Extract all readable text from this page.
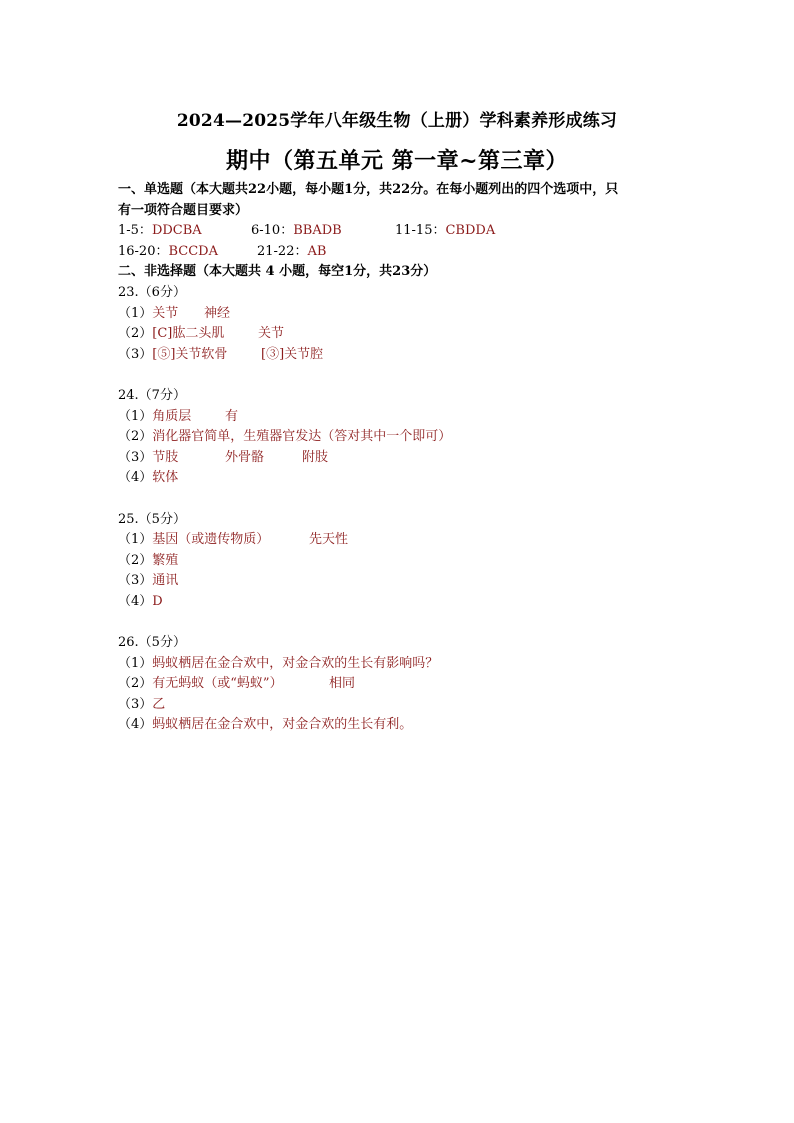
2024—2025学年八年级生物（上册）学科素养形成练习
期中（第五单元 第一章~第三章）
一、单选题（本大题共22小题，每小题1分，共22分。在每小题列出的四个选项中，只
有一项符合题目要求）
1-5：DDCBA	6-10：BBADB	11-15：CBDDA
16-20：BCCDA	21-22：AB
二、非选择题（本大题共 4 小题，每空1分，共23分）
23.（6分）
（1）关节 神经
（2）[C]肱二头肌	关节
（3）[⑤]关节软骨	[③]关节腔
24.（7分）
（1）角质层	有
（2）消化器官简单，生殖器官发达（答对其中一个即可）
（3）节肢	外骨骼	附肢
（4）软体
25.（5分）
（1）基因（或遗传物质）	先天性
（2）繁殖
（3）通讯
（4）D
26.（5分）
（1）蚂蚁栖居在金合欢中，对金合欢的生长有影响吗？
（2）有无蚂蚁（或“蚂蚁”）	相同
（3）乙
（4）蚂蚁栖居在金合欢中，对金合欢的生长有利。
